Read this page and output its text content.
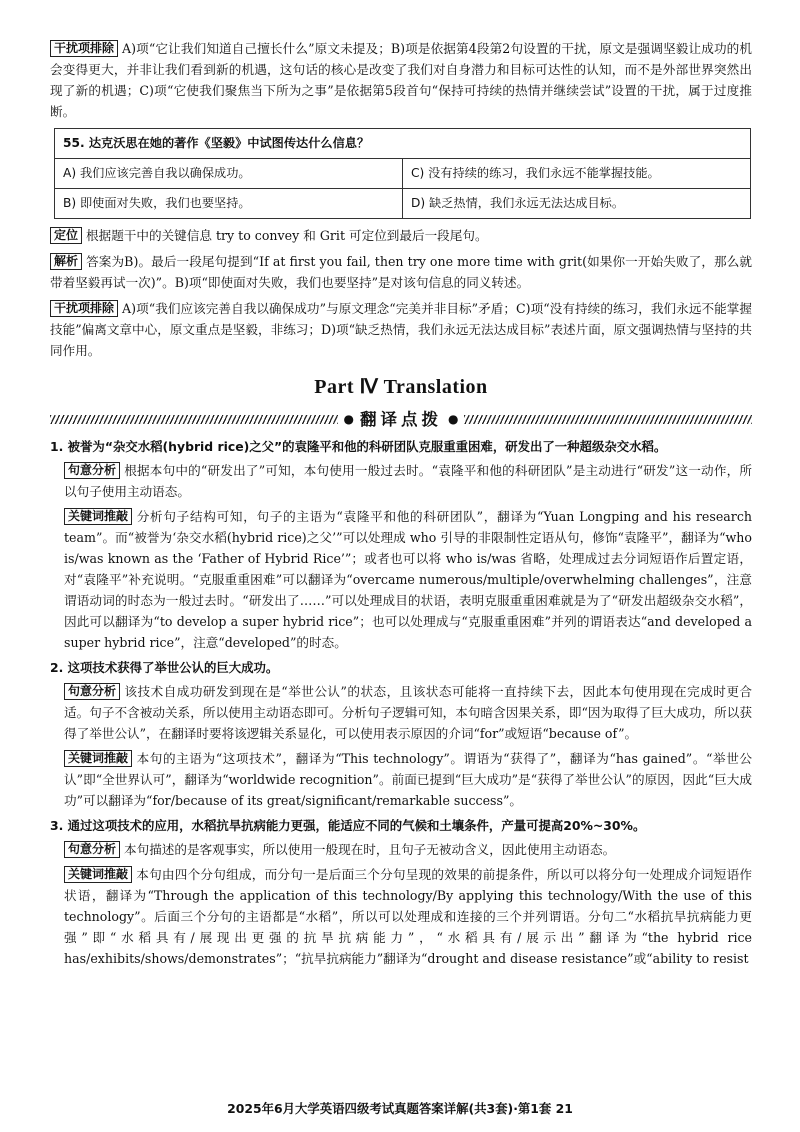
干扰项排除 A)项“它让我们知道自己擅长什么”原文未提及；B)项是依据第4段第2句设置的干扰，原文是强调坚毅让成功的机会变得更大，并非让我们看到新的机遇，这句话的核心是改变了我们对自身潜力和目标可达性的认知，而不是外部世界突然出现了新的机遇；C)项“它使我们聚焦当下所为之事”是依据第5段首句“保持可持续的热情并继续尝试”设置的干扰，属于过度推断。

55. 达克沃思在她的著作《坚毅》中试图传达什么信息？	
A) 我们应该完善自我以确保成功。	C) 没有持续的练习，我们永远不能掌握技能。
B) 即使面对失败，我们也要坚持。	D) 缺乏热情，我们永远无法达成目标。

定位 根据题干中的关键信息 try to convey 和 Grit 可定位到最后一段尾句。

解析 答案为B)。最后一段尾句提到“If at first you fail, then try one more time with grit(如果你一开始失败了，那么就带着坚毅再试一次)”。B)项“即使面对失败，我们也要坚持”是对该句信息的同义转述。

干扰项排除 A)项“我们应该完善自我以确保成功”与原文理念“完美并非目标”矛盾；C)项“没有持续的练习，我们永远不能掌握技能”偏离文章中心，原文重点是坚毅，非练习；D)项“缺乏热情，我们永远无法达成目标”表述片面，原文强调热情与坚持的共同作用。

Part Ⅳ Translation
● 翻译点拨 ●

1. 被誉为“杂交水稻(hybrid rice)之父”的袁隆平和他的科研团队克服重重困难，研发出了一种超级杂交水稻。

句意分析 根据本句中的“研发出了”可知，本句使用一般过去时。“袁隆平和他的科研团队”是主动进行“研发”这一动作，所以句子使用主动语态。

关键词推敲 分析句子结构可知，句子的主语为“袁隆平和他的科研团队”，翻译为“Yuan Longping and his research team”。而“被誉为‘杂交水稻(hybrid rice)之父’”可以处理成 who 引导的非限制性定语从句，修饰“袁隆平”，翻译为“who is/was known as the ‘Father of Hybrid Rice’”；或者也可以将 who is/was 省略，处理成过去分词短语作后置定语，对“袁隆平”补充说明。“克服重重困难”可以翻译为“overcame numerous/multiple/overwhelming challenges”，注意谓语动词的时态为一般过去时。“研发出了……”可以处理成目的状语，表明克服重重困难就是为了“研发出超级杂交水稻”，因此可以翻译为“to develop a super hybrid rice”；也可以处理成与“克服重重困难”并列的谓语表达“and developed a super hybrid rice”，注意“developed”的时态。

2. 这项技术获得了举世公认的巨大成功。

句意分析 该技术自成功研发到现在是“举世公认”的状态，且该状态可能将一直持续下去，因此本句使用现在完成时更合适。句子不含被动关系，所以使用主动语态即可。分析句子逻辑可知，本句暗含因果关系，即“因为取得了巨大成功，所以获得了举世公认”，在翻译时要将该逻辑关系显化，可以使用表示原因的介词“for”或短语“because of”。

关键词推敲 本句的主语为“这项技术”，翻译为“This technology”。谓语为“获得了”，翻译为“has gained”。“举世公认”即“全世界认可”，翻译为“worldwide recognition”。前面已提到“巨大成功”是“获得了举世公认”的原因，因此“巨大成功”可以翻译为“for/because of its great/significant/remarkable success”。

3. 通过这项技术的应用，水稻抗旱抗病能力更强，能适应不同的气候和土壤条件，产量可提高20%~30%。

句意分析 本句描述的是客观事实，所以使用一般现在时，且句子无被动含义，因此使用主动语态。

关键词推敲 本句由四个分句组成，而分句一是后面三个分句呈现的效果的前提条件，所以可以将分句一处理成介词短语作状语，翻译为“Through the application of this technology/By applying this technology/With the use of this technology”。后面三个分句的主语都是“水稻”，所以可以处理成和连接的三个并列谓语。分句二“水稻抗旱抗病能力更强”即“水稻具有/展现出更强的抗旱抗病能力”，“水稻具有/展示出”翻译为“the hybrid rice has/exhibits/shows/demonstrates”；“抗旱抗病能力”翻译为“drought and disease resistance”或“ability to resist

2025年6月大学英语四级考试真题答案详解(共3套)·第1套 21
